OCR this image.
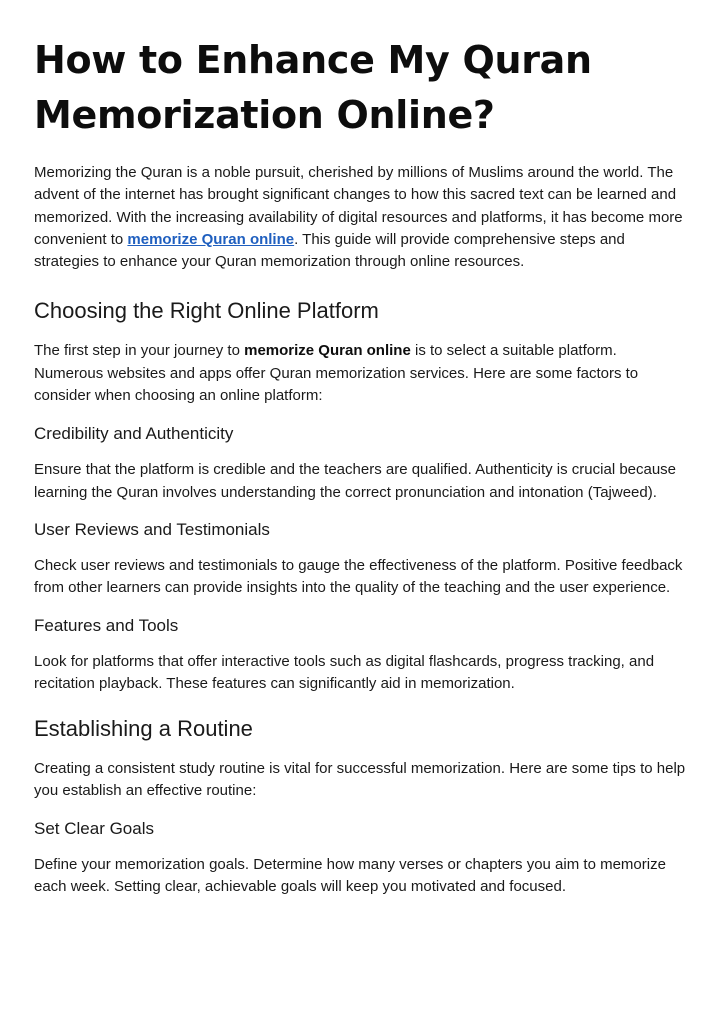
How to Enhance My Quran Memorization Online?

Memorizing the Quran is a noble pursuit, cherished by millions of Muslims around the world. The advent of the internet has brought significant changes to how this sacred text can be learned and memorized. With the increasing availability of digital resources and platforms, it has become more convenient to memorize Quran online. This guide will provide comprehensive steps and strategies to enhance your Quran memorization through online resources.

Choosing the Right Online Platform

The first step in your journey to memorize Quran online is to select a suitable platform. Numerous websites and apps offer Quran memorization services. Here are some factors to consider when choosing an online platform:

Credibility and Authenticity

Ensure that the platform is credible and the teachers are qualified. Authenticity is crucial because learning the Quran involves understanding the correct pronunciation and intonation (Tajweed).

User Reviews and Testimonials

Check user reviews and testimonials to gauge the effectiveness of the platform. Positive feedback from other learners can provide insights into the quality of the teaching and the user experience.

Features and Tools

Look for platforms that offer interactive tools such as digital flashcards, progress tracking, and recitation playback. These features can significantly aid in memorization.

Establishing a Routine

Creating a consistent study routine is vital for successful memorization. Here are some tips to help you establish an effective routine:

Set Clear Goals

Define your memorization goals. Determine how many verses or chapters you aim to memorize each week. Setting clear, achievable goals will keep you motivated and focused.
